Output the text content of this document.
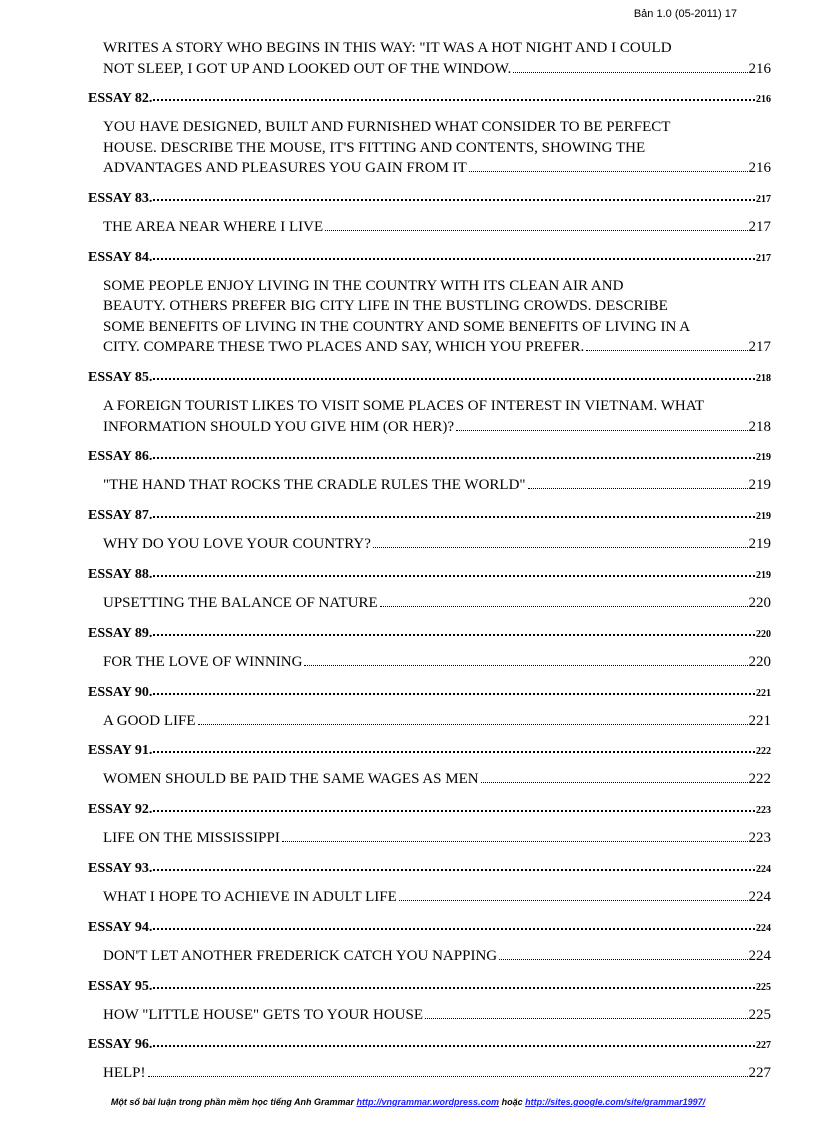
Bản 1.0 (05-2011) 17
WRITES A STORY WHO BEGINS IN THIS WAY: "IT WAS A HOT NIGHT AND I COULD
NOT SLEEP, I GOT UP AND LOOKED OUT OF THE WINDOW.	216
ESSAY 82.	216
YOU HAVE DESIGNED, BUILT AND FURNISHED WHAT CONSIDER TO BE PERFECT
HOUSE. DESCRIBE THE MOUSE, IT'S FITTING AND CONTENTS, SHOWING THE
ADVANTAGES AND PLEASURES YOU GAIN FROM IT	216
ESSAY 83.	217
THE AREA NEAR WHERE I LIVE	217
ESSAY 84.	217
SOME PEOPLE ENJOY LIVING IN THE COUNTRY WITH ITS CLEAN AIR AND
BEAUTY. OTHERS PREFER BIG CITY LIFE IN THE BUSTLING CROWDS. DESCRIBE
SOME BENEFITS OF LIVING IN THE COUNTRY AND SOME BENEFITS OF LIVING IN A
CITY. COMPARE THESE TWO PLACES AND SAY, WHICH YOU PREFER.	217
ESSAY 85.	218
A FOREIGN TOURIST LIKES TO VISIT SOME PLACES OF INTEREST IN VIETNAM. WHAT
INFORMATION SHOULD YOU GIVE HIM (OR HER)?	218
ESSAY 86.	219
"THE HAND THAT ROCKS THE CRADLE RULES THE WORLD"	219
ESSAY 87.	219
WHY DO YOU LOVE YOUR COUNTRY?	219
ESSAY 88.	219
UPSETTING THE BALANCE OF NATURE	220
ESSAY 89.	220
FOR THE LOVE OF WINNING	220
ESSAY 90.	221
A GOOD LIFE	221
ESSAY 91.	222
WOMEN SHOULD BE PAID THE SAME WAGES AS MEN	222
ESSAY 92.	223
LIFE ON THE MISSISSIPPI	223
ESSAY 93.	224
WHAT I HOPE TO ACHIEVE IN ADULT LIFE	224
ESSAY 94.	224
DON'T LET ANOTHER FREDERICK CATCH YOU NAPPING	224
ESSAY 95.	225
HOW "LITTLE HOUSE" GETS TO YOUR HOUSE	225
ESSAY 96.	227
HELP!	227
Một số bài luận trong phần mềm học tiếng Anh Grammar http://vngrammar.wordpress.com hoặc http://sites.google.com/site/grammar1997/
